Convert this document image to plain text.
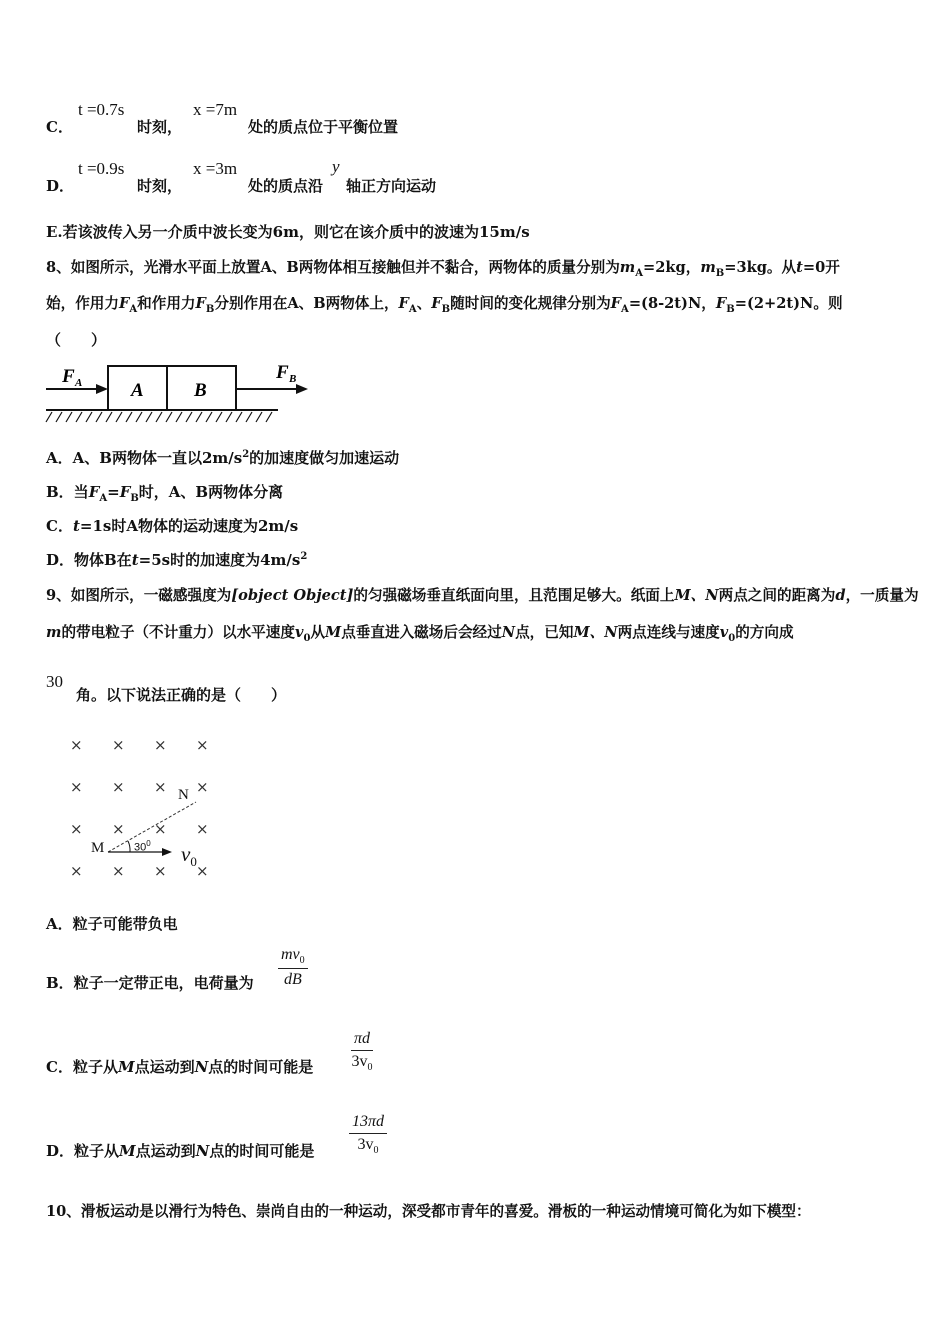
C．
t =0.7s
时刻，
x =7m
处的质点位于平衡位置
D．
t =0.9s
时刻，
x =3m
处的质点沿
y
轴正方向运动
E.若该波传入另一介质中波长变为6m，则它在该介质中的波速为15m/s
8、如图所示，光滑水平面上放置A、B两物体相互接触但并不黏合，两物体的质量分别为$m_A=2kg$，$m_B=3kg$。从t=0开
始，作用力$F_A$和作用力$F_B$分别作用在A、B两物体上，$F_A$、$F_B$随时间的变化规律分别为$F_A=(8-2t)N$，$F_B=(2+2t)N$。则
（　　）
F A	A	B
F B
A．A、B两物体一直以$2m/s^2$的加速度做匀加速运动
B．当$F_A=F_B$时，A、B两物体分离
C．t=1s时A物体的运动速度为2m/s
D．物体B在t=5s时的加速度为$4m/s^2$
9、如图所示，一磁感强度为[object Object]的匀强磁场垂直纸面向里，且范围足够大。纸面上M、N两点之间的距离为d，一质量为
m的带电粒子（不计重力）以水平速度$v_0$从M点垂直进入磁场后会经过N点，已知M、N两点连线与速度$v_0$的方向成
30
角。以下说法正确的是（　　）
× × × ×
× × × ×
× × × ×
× × × ×
N
M	$30^0$ $v_0$
A．粒子可能带负电
B．粒子一定带正电，电荷量为 $\frac{mv_0}{dB}$
C．粒子从M点运动到N点的时间可能是 $\frac{\pi d}{3v_0}$
D．粒子从M点运动到N点的时间可能是 $\frac{13\pi d}{3v_0}$
10、滑板运动是以滑行为特色、崇尚自由的一种运动，深受都市青年的喜爱。滑板的一种运动情境可简化为如下模型：
